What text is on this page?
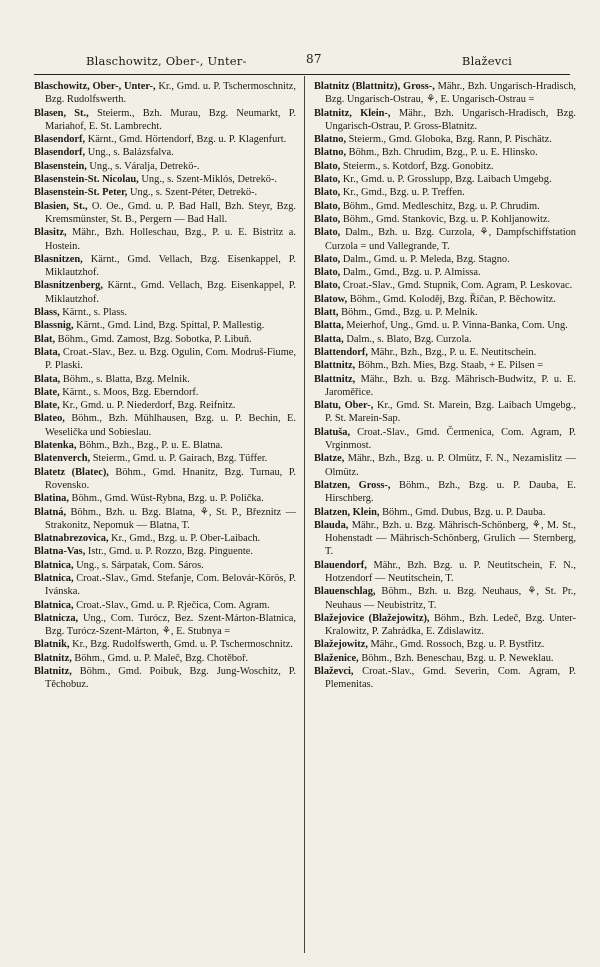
Blaschowitz, Ober-, Unter-	87	Blaževci

Blaschowitz, Ober-, Unter-, Kr., Gmd. u. P. Tschermoschnitz, Bzg. Rudolfswerth.

Blasen, St., Steierm., Bzh. Murau, Bzg. Neumarkt, P. Mariahof, E. St. Lambrecht.

Blasendorf, Kärnt., Gmd. Hörtendorf, Bzg. u. P. Klagenfurt.

Blasendorf, Ung., s. Balázsfalva.

Blasenstein, Ung., s. Váralja, Detrekö-.

Blasenstein-St. Nicolau, Ung., s. Szent-Miklós, Detrekö-.

Blasenstein-St. Peter, Ung., s. Szent-Péter, Detrekö-.

Blasien, St., O. Oe., Gmd. u. P. Bad Hall, Bzh. Steyr, Bzg. Kremsmünster, St. B., Pergern — Bad Hall.

Blasitz, Mähr., Bzh. Holleschau, Bzg., P. u. E. Bistritz a. Hostein.

Blasnitzen, Kärnt., Gmd. Vellach, Bzg. Eisenkappel, P. Miklautzhof.

Blasnitzenberg, Kärnt., Gmd. Vellach, Bzg. Eisenkappel, P. Miklautzhof.

Blass, Kärnt., s. Plass.

Blassnig, Kärnt., Gmd. Lind, Bzg. Spittal, P. Mallestig.

Blat, Böhm., Gmd. Zamost, Bzg. Sobotka, P. Libuň.

Blata, Croat.-Slav., Bez. u. Bzg. Ogulin, Com. Modruš-Fiume, P. Plaski.

Blata, Böhm., s. Blatta, Bzg. Melnik.

Blate, Kärnt., s. Moos, Bzg. Eberndorf.

Blate, Kr., Gmd. u. P. Niederdorf, Bzg. Reifnitz.

Blateo, Böhm., Bzh. Mühlhausen, Bzg. u. P. Bechin, E. Weselička und Sobieslau.

Blatenka, Böhm., Bzh., Bzg., P. u. E. Blatna.

Blatenverch, Steierm., Gmd. u. P. Gairach, Bzg. Tüffer.

Blatetz (Blatec), Böhm., Gmd. Hnanitz, Bzg. Turnau, P. Rovensko.

Blatina, Böhm., Gmd. Wüst-Rybna, Bzg. u. P. Polička.

Blatná, Böhm., Bzh. u. Bzg. Blatna, ⚘, St. P., Březnitz — Strakonitz, Nepomuk — Blatna, T.

Blatnabrezovica, Kr., Gmd., Bzg. u. P. Ober-Laibach.

Blatna-Vas, Istr., Gmd. u. P. Rozzo, Bzg. Pinguente.

Blatnica, Ung., s. Sárpatak, Com. Sáros.

Blatnica, Croat.-Slav., Gmd. Stefanje, Com. Belovár-Körös, P. Ivánska.

Blatnica, Croat.-Slav., Gmd. u. P. Rječica, Com. Agram.

Blatnicza, Ung., Com. Turócz, Bez. Szent-Márton-Blatnica, Bzg. Turócz-Szent-Márton, ⚘, E. Stubnya =

Blatnik, Kr., Bzg. Rudolfswerth, Gmd. u. P. Tschermoschnitz.

Blatnitz, Böhm., Gmd. u. P. Maleč, Bzg. Chotěboř.

Blatnitz, Böhm., Gmd. Poibuk, Bzg. Jung-Woschitz, P. Těchobuz.

Blatnitz (Blattnitz), Gross-, Mähr., Bzh. Ungarisch-Hradisch, Bzg. Ungarisch-Ostrau, ⚘, E. Ungarisch-Ostrau =

Blatnitz, Klein-, Mähr., Bzh. Ungarisch-Hradisch, Bzg. Ungarisch-Ostrau, P. Gross-Blatnitz.

Blatno, Steierm., Gmd. Globoka, Bzg. Rann, P. Pischätz.

Blatno, Böhm., Bzh. Chrudim, Bzg., P. u. E. Hlinsko.

Blato, Steierm., s. Kotdorf, Bzg. Gonobitz.

Blato, Kr., Gmd. u. P. Grosslupp, Bzg. Laibach Umgebg.

Blato, Kr., Gmd., Bzg. u. P. Treffen.

Blato, Böhm., Gmd. Medleschitz, Bzg. u. P. Chrudim.

Blato, Böhm., Gmd. Stankovic, Bzg. u. P. Kohljanowitz.

Blato, Dalm., Bzh. u. Bzg. Curzola, ⚘, Dampfschiffstation Curzola = und Vallegrande, T.

Blato, Dalm., Gmd. u. P. Meleda, Bzg. Stagno.

Blato, Dalm., Gmd., Bzg. u. P. Almissa.

Blato, Croat.-Slav., Gmd. Stupnik, Com. Agram, P. Leskovac.

Blatow, Böhm., Gmd. Koloděj, Bzg. Říčan, P. Běchowitz.

Blatt, Böhm., Gmd., Bzg. u. P. Melnik.

Blatta, Meierhof, Ung., Gmd. u. P. Vinna-Banka, Com. Ung.

Blatta, Dalm., s. Blato, Bzg. Curzola.

Blattendorf, Mähr., Bzh., Bzg., P. u. E. Neutitschein.

Blattnitz, Böhm., Bzh. Mies, Bzg. Staab, + E. Pilsen =

Blattnitz, Mähr., Bzh. u. Bzg. Mährisch-Budwitz, P. u. E. Jaroměřice.

Blatu, Ober-, Kr., Gmd. St. Marein, Bzg. Laibach Umgebg., P. St. Marein-Sap.

Blatuša, Croat.-Slav., Gmd. Čermenica, Com. Agram, P. Vrginmost.

Blatze, Mähr., Bzh., Bzg. u. P. Olmütz, F. N., Nezamislitz — Olmütz.

Blatzen, Gross-, Böhm., Bzh., Bzg. u. P. Dauba, E. Hirschberg.

Blatzen, Klein, Böhm., Gmd. Dubus, Bzg. u. P. Dauba.

Blauda, Mähr., Bzh. u. Bzg. Mährisch-Schönberg, ⚘, M. St., Hohenstadt — Mährisch-Schönberg, Grulich — Sternberg, T.

Blauendorf, Mähr., Bzh. Bzg. u. P. Neutitschein, F. N., Hotzendorf — Neutitschein, T.

Blauenschlag, Böhm., Bzh. u. Bzg. Neuhaus, ⚘, St. Pr., Neuhaus — Neubistritz, T.

Blažejovice (Blažejowitz), Böhm., Bzh. Ledeč, Bzg. Unter-Kralowitz, P. Zahrádka, E. Zdislawitz.

Blažejowitz, Mähr., Gmd. Rossoch, Bzg. u. P. Bystřitz.

Blaženice, Böhm., Bzh. Beneschau, Bzg. u. P. Neweklau.

Blaževci, Croat.-Slav., Gmd. Severin, Com. Agram, P. Plemenitas.
